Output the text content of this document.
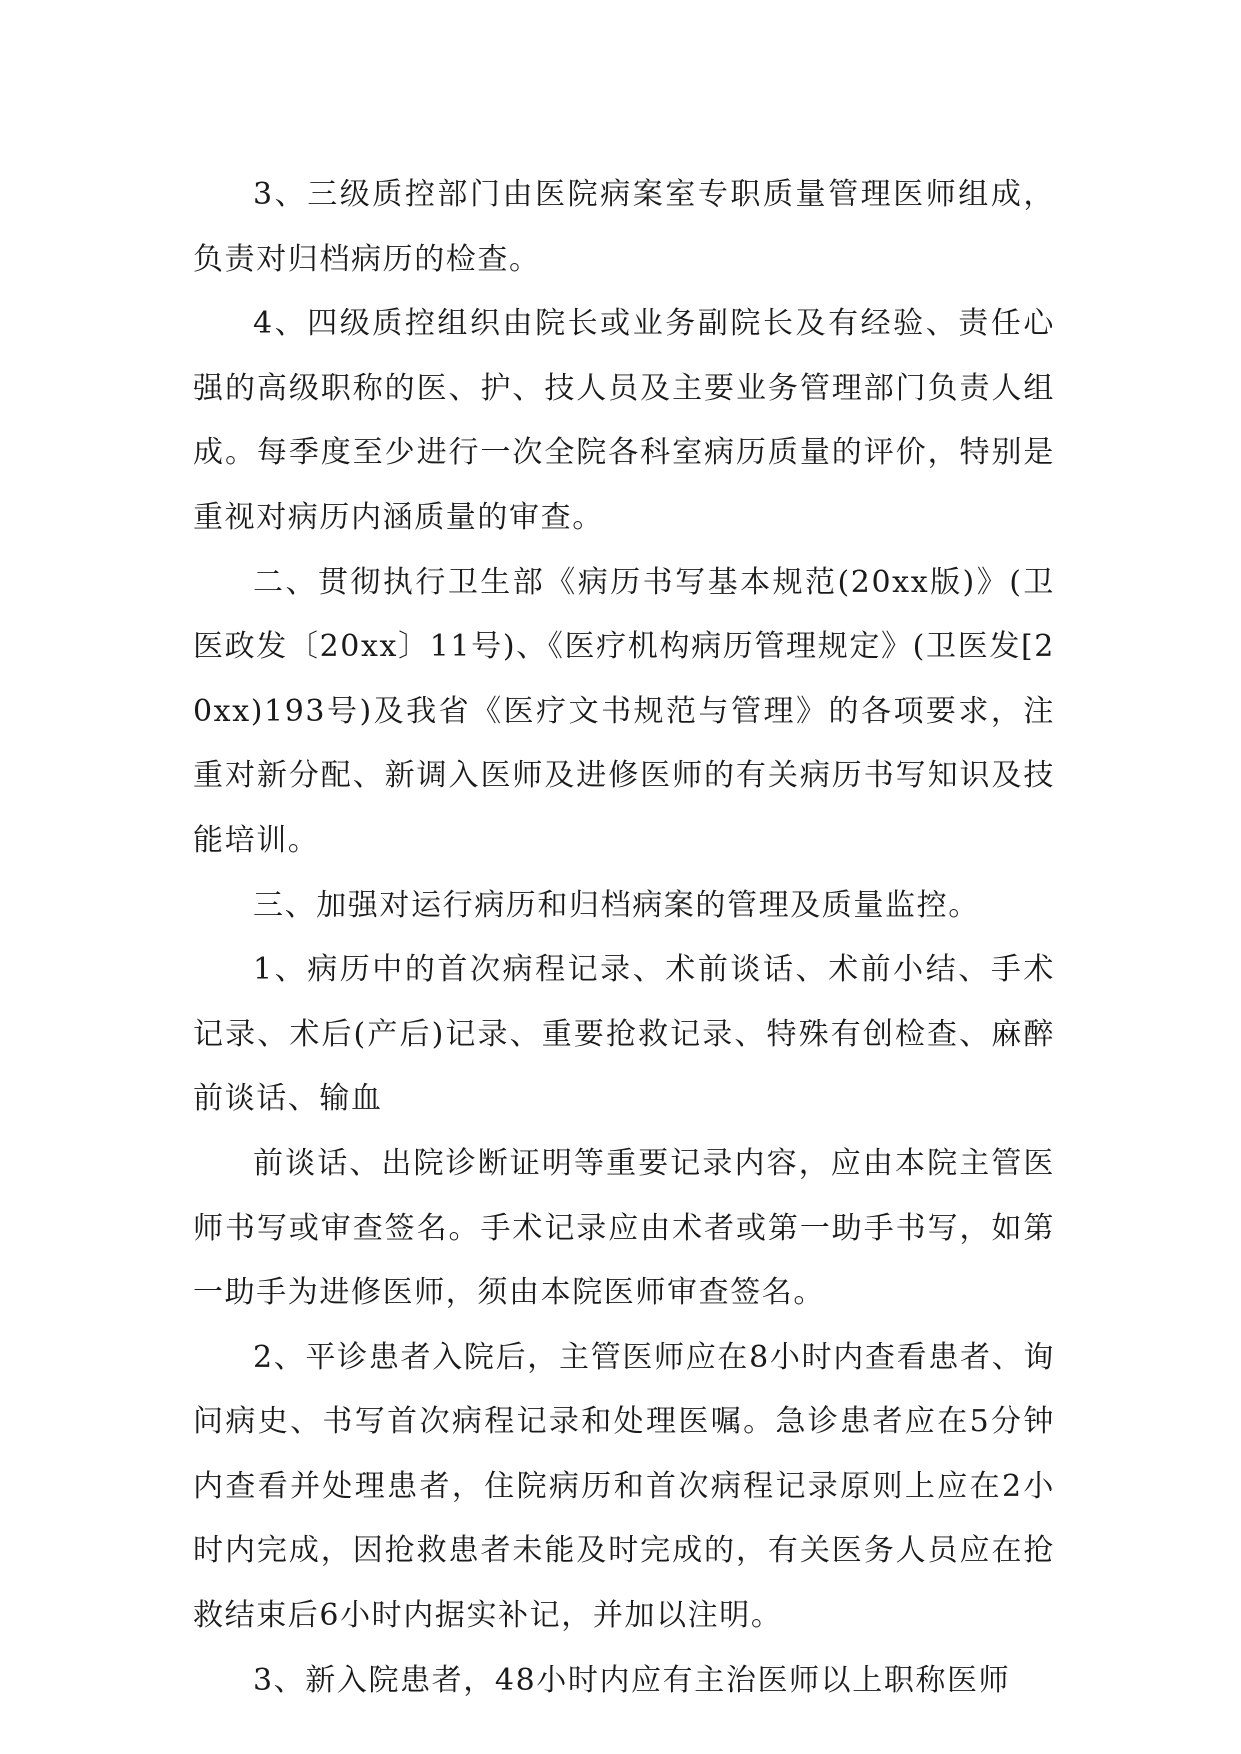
3、三级质控部门由医院病案室专职质量管理医师组成，负责对归档病历的检查。

4、四级质控组织由院长或业务副院长及有经验、责任心强的高级职称的医、护、技人员及主要业务管理部门负责人组成。每季度至少进行一次全院各科室病历质量的评价，特别是重视对病历内涵质量的审查。

二、贯彻执行卫生部《病历书写基本规范(20xx版)》(卫医政发〔20xx〕11号)、《医疗机构病历管理规定》(卫医发[20xx)193号)及我省《医疗文书规范与管理》的各项要求，注重对新分配、新调入医师及进修医师的有关病历书写知识及技能培训。

三、加强对运行病历和归档病案的管理及质量监控。

1、病历中的首次病程记录、术前谈话、术前小结、手术记录、术后(产后)记录、重要抢救记录、特殊有创检查、麻醉前谈话、输血

前谈话、出院诊断证明等重要记录内容，应由本院主管医师书写或审查签名。手术记录应由术者或第一助手书写，如第一助手为进修医师，须由本院医师审查签名。

2、平诊患者入院后，主管医师应在8小时内查看患者、询问病史、书写首次病程记录和处理医嘱。急诊患者应在5分钟内查看并处理患者，住院病历和首次病程记录原则上应在2小时内完成，因抢救患者未能及时完成的，有关医务人员应在抢救结束后6小时内据实补记，并加以注明。

3、新入院患者，48小时内应有主治医师以上职称医师
